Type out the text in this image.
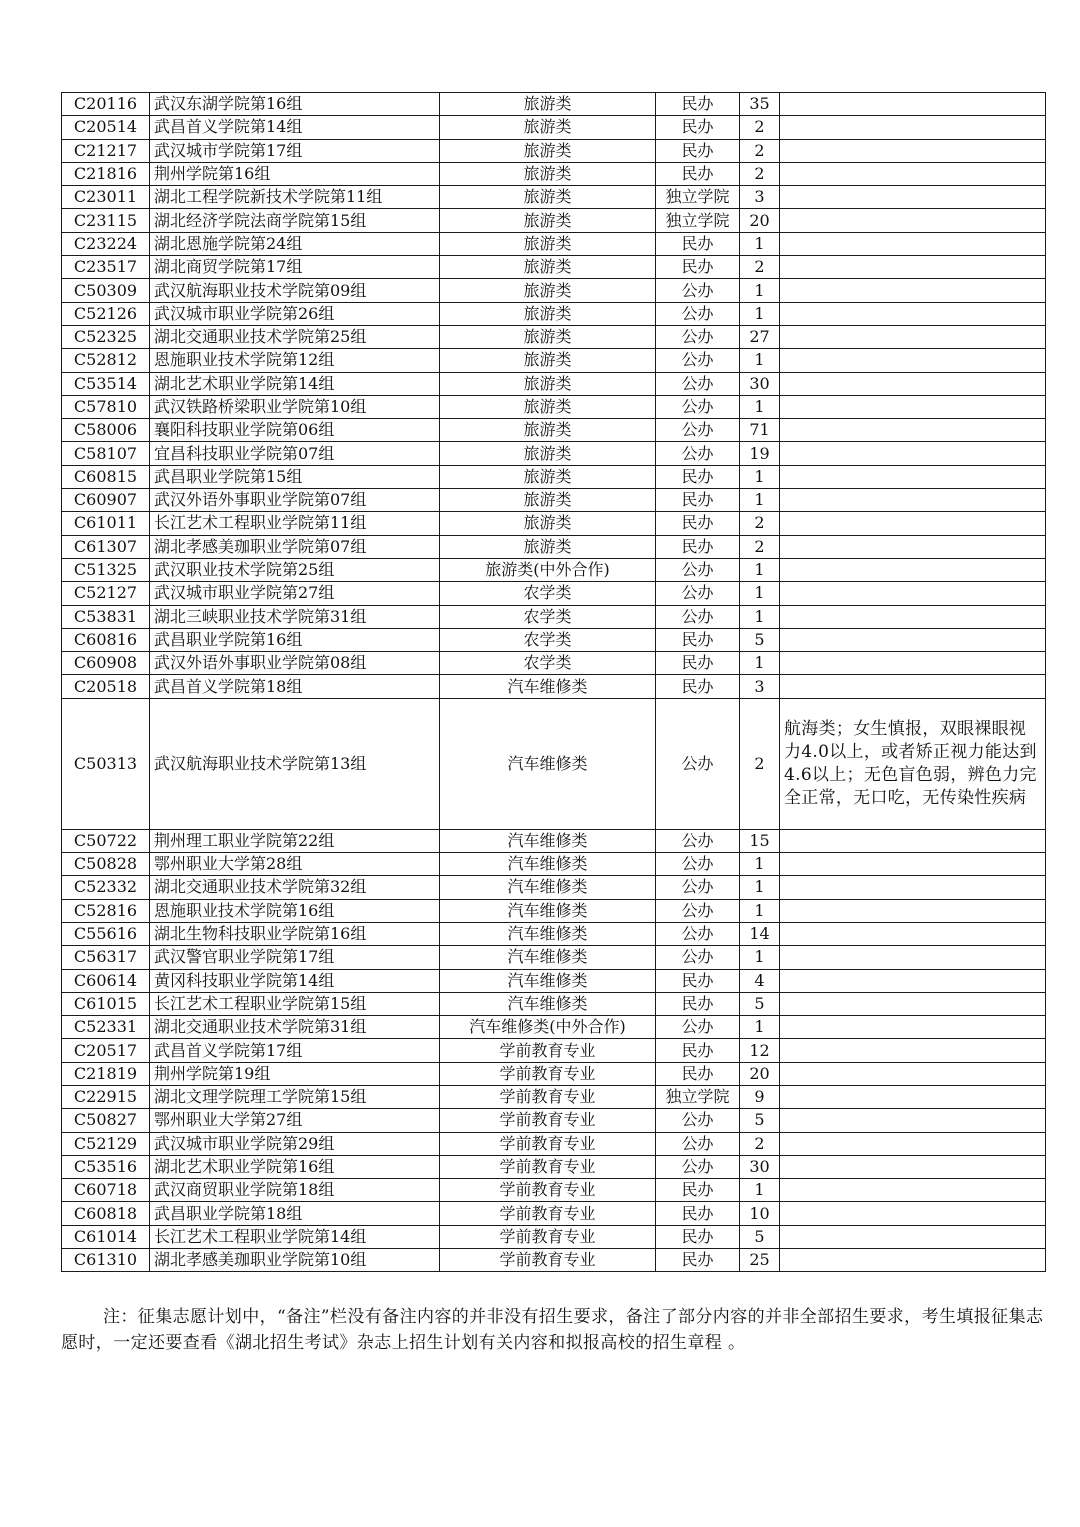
C20116	武汉东湖学院第16组	旅游类	民办	35	
C20514	武昌首义学院第14组	旅游类	民办	2	
C21217	武汉城市学院第17组	旅游类	民办	2	
C21816	荆州学院第16组	旅游类	民办	2	
C23011	湖北工程学院新技术学院第11组	旅游类	独立学院	3	
C23115	湖北经济学院法商学院第15组	旅游类	独立学院	20	
C23224	湖北恩施学院第24组	旅游类	民办	1	
C23517	湖北商贸学院第17组	旅游类	民办	2	
C50309	武汉航海职业技术学院第09组	旅游类	公办	1	
C52126	武汉城市职业学院第26组	旅游类	公办	1	
C52325	湖北交通职业技术学院第25组	旅游类	公办	27	
C52812	恩施职业技术学院第12组	旅游类	公办	1	
C53514	湖北艺术职业学院第14组	旅游类	公办	30	
C57810	武汉铁路桥梁职业学院第10组	旅游类	公办	1	
C58006	襄阳科技职业学院第06组	旅游类	公办	71	
C58107	宜昌科技职业学院第07组	旅游类	公办	19	
C60815	武昌职业学院第15组	旅游类	民办	1	
C60907	武汉外语外事职业学院第07组	旅游类	民办	1	
C61011	长江艺术工程职业学院第11组	旅游类	民办	2	
C61307	湖北孝感美珈职业学院第07组	旅游类	民办	2	
C51325	武汉职业技术学院第25组	旅游类(中外合作)	公办	1	
C52127	武汉城市职业学院第27组	农学类	公办	1	
C53831	湖北三峡职业技术学院第31组	农学类	公办	1	
C60816	武昌职业学院第16组	农学类	民办	5	
C60908	武汉外语外事职业学院第08组	农学类	民办	1	
C20518	武昌首义学院第18组	汽车维修类	民办	3	
C50313	武汉航海职业技术学院第13组	汽车维修类	公办	2	航海类；女生慎报，双眼裸眼视力4.0以上，或者矫正视力能达到4.6以上；无色盲色弱，辨色力完全正常，无口吃，无传染性疾病
C50722	荆州理工职业学院第22组	汽车维修类	公办	15	
C50828	鄂州职业大学第28组	汽车维修类	公办	1	
C52332	湖北交通职业技术学院第32组	汽车维修类	公办	1	
C52816	恩施职业技术学院第16组	汽车维修类	公办	1	
C55616	湖北生物科技职业学院第16组	汽车维修类	公办	14	
C56317	武汉警官职业学院第17组	汽车维修类	公办	1	
C60614	黄冈科技职业学院第14组	汽车维修类	民办	4	
C61015	长江艺术工程职业学院第15组	汽车维修类	民办	5	
C52331	湖北交通职业技术学院第31组	汽车维修类(中外合作)	公办	1	
C20517	武昌首义学院第17组	学前教育专业	民办	12	
C21819	荆州学院第19组	学前教育专业	民办	20	
C22915	湖北文理学院理工学院第15组	学前教育专业	独立学院	9	
C50827	鄂州职业大学第27组	学前教育专业	公办	5	
C52129	武汉城市职业学院第29组	学前教育专业	公办	2	
C53516	湖北艺术职业学院第16组	学前教育专业	公办	30	
C60718	武汉商贸职业学院第18组	学前教育专业	民办	1	
C60818	武昌职业学院第18组	学前教育专业	民办	10	
C61014	长江艺术工程职业学院第14组	学前教育专业	民办	5	
C61310	湖北孝感美珈职业学院第10组	学前教育专业	民办	25	

注：征集志愿计划中，“备注”栏没有备注内容的并非没有招生要求，备注了部分内容的并非全部招生要求，考生填报征集志愿时，一定还要查看《湖北招生考试》杂志上招生计划有关内容和拟报高校的招生章程 。
